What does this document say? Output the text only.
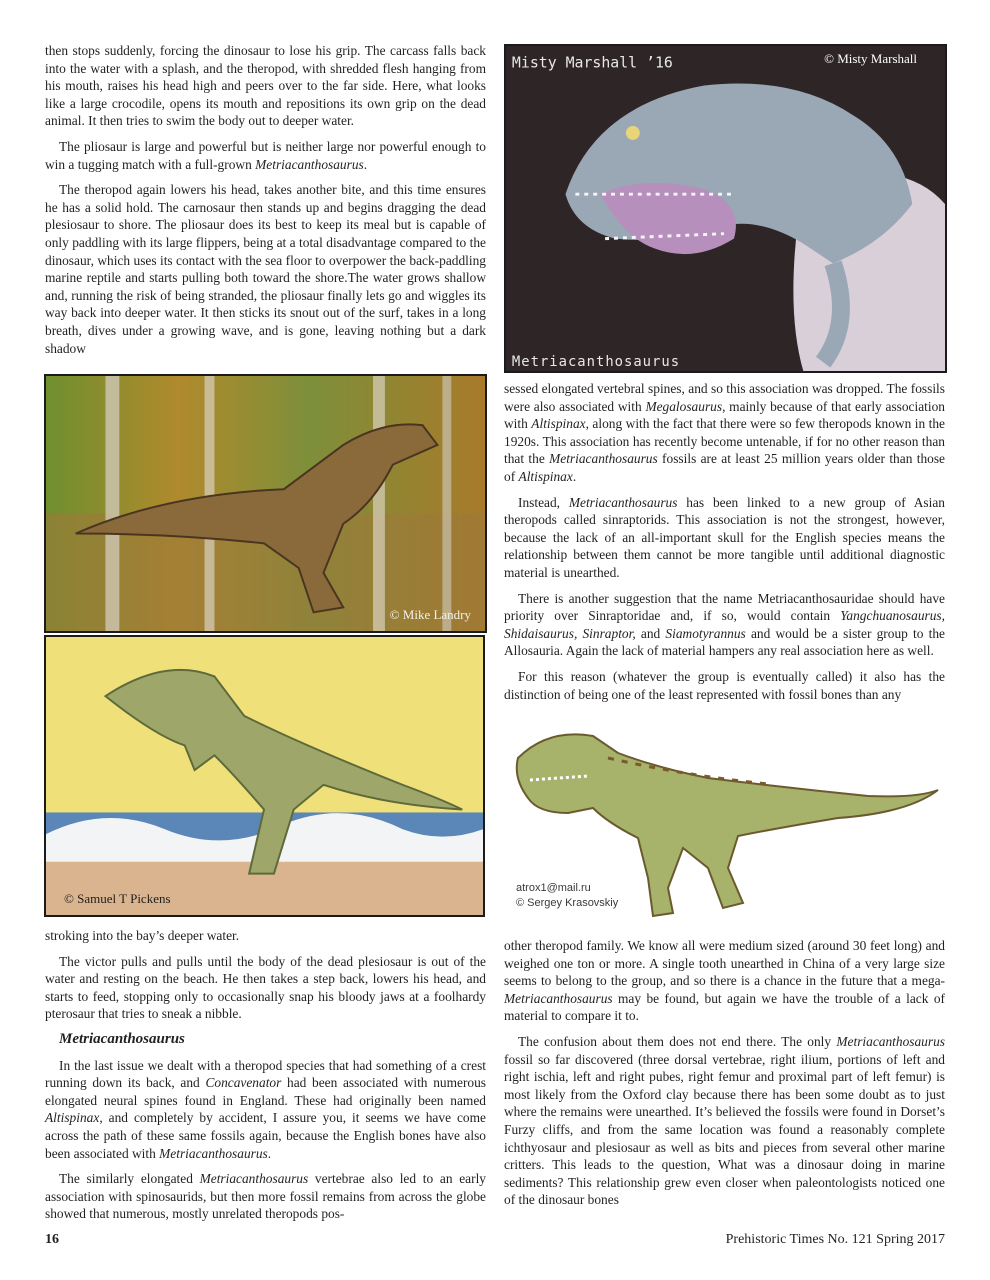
then stops suddenly, forcing the dinosaur to lose his grip. The carcass falls back into the water with a splash, and the theropod, with shredded flesh hanging from his mouth, raises his head high and peers over to the far side. Here, what looks like a large crocodile, opens its mouth and repositions its own grip on the dead animal. It then tries to swim the body out to deeper water.

The pliosaur is large and powerful but is neither large nor powerful enough to win a tugging match with a full-grown Metriacanthosaurus.

The theropod again lowers his head, takes another bite, and this time ensures he has a solid hold. The carnosaur then stands up and begins dragging the dead plesiosaur to shore. The pliosaur does its best to keep its meal but is capable of only paddling with its large flippers, being at a total disadvantage compared to the dinosaur, which uses its contact with the sea floor to overpower the back-paddling marine reptile and starts pulling both toward the shore.The water grows shallow and, running the risk of being stranded, the pliosaur finally lets go and wiggles its way back into deeper water. It then sticks its snout out of the surf, takes in a long breath, dives under a growing wave, and is gone, leaving nothing but a dark shadow

Misty Marshall ’16
Metriacanthosaurus
© Misty Marshall
© Mike Landry
© Samuel T Pickens

sessed elongated vertebral spines, and so this association was dropped. The fossils were also associated with Megalosaurus, mainly because of that early association with Altispinax, along with the fact that there were so few theropods known in the 1920s. This association has recently become untenable, if for no other reason than that the Metriacanthosaurus fossils are at least 25 million years older than those of Altispinax.

Instead, Metriacanthosaurus has been linked to a new group of Asian theropods called sinraptorids. This association is not the strongest, however, because the lack of an all-important skull for the English species means the relationship between them cannot be more tangible until additional diagnostic material is unearthed.

There is another suggestion that the name Metriacanthosauridae should have priority over Sinraptoridae and, if so, would contain Yangchuanosaurus, Shidaisaurus, Sinraptor, and Siamotyrannus and would be a sister group to the Allosauria. Again the lack of material hampers any real association here as well.

For this reason (whatever the group is eventually called) it also has the distinction of being one of the least represented with fossil bones than any

atrox1@mail.ru
© Sergey Krasovskiy

stroking into the bay’s deeper water.

The victor pulls and pulls until the body of the dead plesiosaur is out of the water and resting on the beach. He then takes a step back, lowers his head, and starts to feed, stopping only to occasionally snap his bloody jaws at a foolhardy pterosaur that tries to sneak a nibble.

Metriacanthosaurus

In the last issue we dealt with a theropod species that had something of a crest running down its back, and Concavenator had been associated with numerous elongated neural spines found in England. These had originally been named Altispinax, and completely by accident, I assure you, it seems we have come across the path of these same fossils again, because the English bones have also been associated with Metriacanthosaurus.

The similarly elongated Metriacanthosaurus vertebrae also led to an early association with spinosaurids, but then more fossil remains from across the globe showed that numerous, mostly unrelated theropods pos-

other theropod family. We know all were medium sized (around 30 feet long) and weighed one ton or more. A single tooth unearthed in China of a very large size seems to belong to the group, and so there is a chance in the future that a mega-Metriacanthosaurus may be found, but again we have the trouble of a lack of material to compare it to.

The confusion about them does not end there. The only Metriacanthosaurus fossil so far discovered (three dorsal vertebrae, right ilium, portions of left and right ischia, left and right pubes, right femur and proximal part of left femur) is most likely from the Oxford clay because there has been some doubt as to just where the remains were unearthed. It’s believed the fossils were found in Dorset’s Furzy cliffs, and from the same location was found a reasonably complete ichthyosaur and plesiosaur as well as bits and pieces from several other marine critters. This leads to the question, What was a dinosaur doing in marine sediments? This relationship grew even closer when paleontologists noticed one of the dinosaur bones

16	Prehistoric Times No. 121 Spring 2017
